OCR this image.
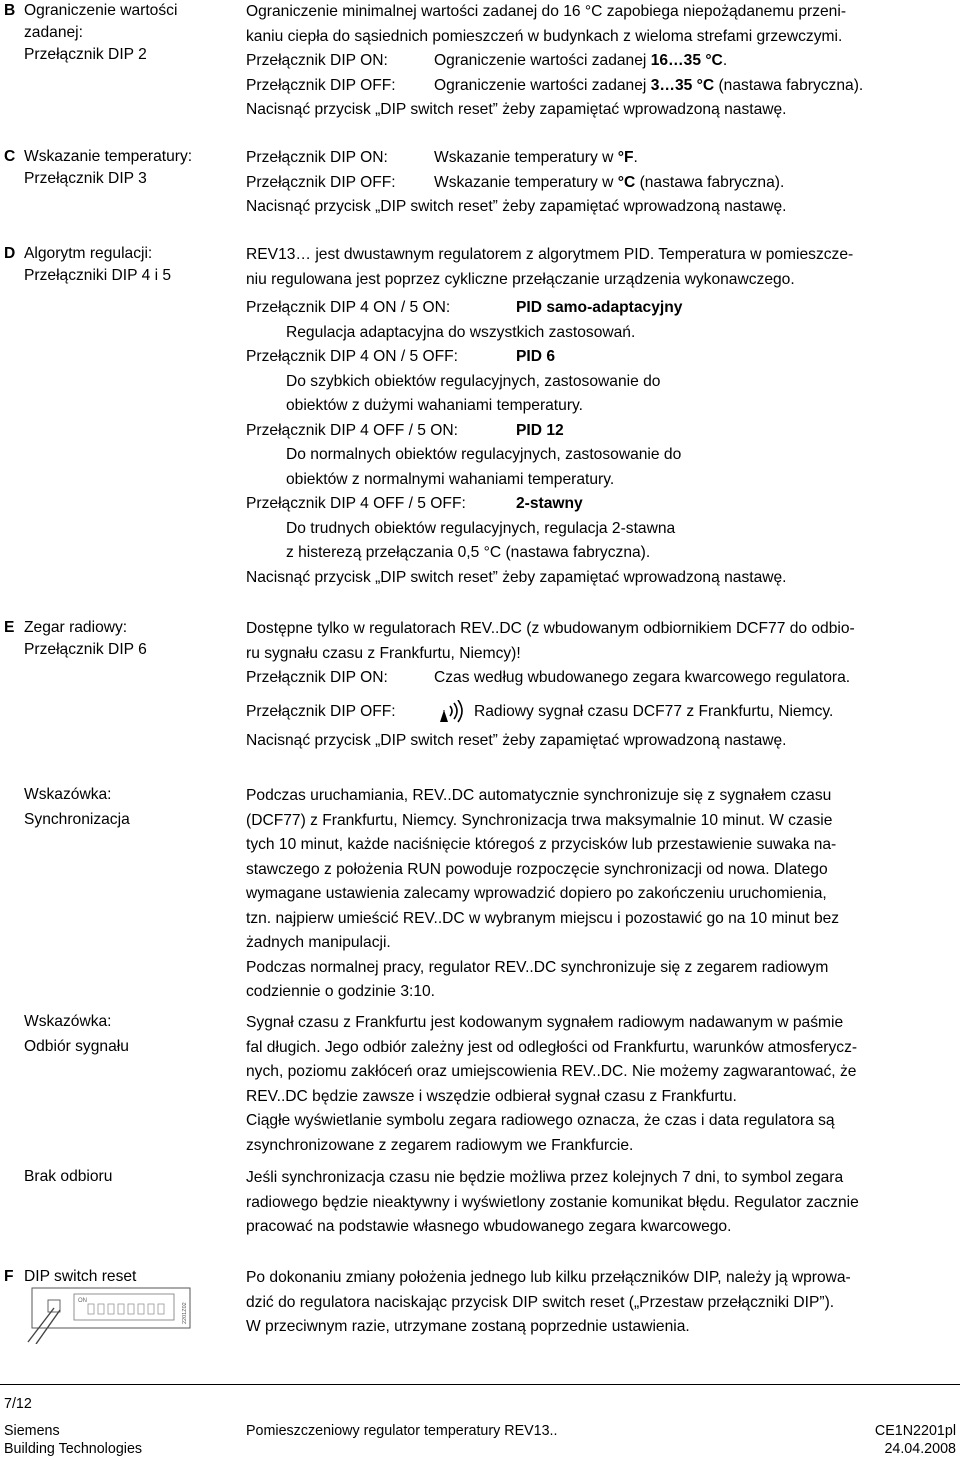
B Ograniczenie wartości
zadanej:
Przełącznik DIP 2
Ograniczenie minimalnej wartości zadanej do 16 °C zapobiega niepożądanemu przeni-
kaniu ciepła do sąsiednich pomieszczeń w budynkach z wieloma strefami grzewczymi.
Przełącznik DIP ON:	Ograniczenie wartości zadanej 16…35 °C.
Przełącznik DIP OFF: Ograniczenie wartości zadanej 3…35 °C (nastawa fabryczna).
Nacisnąć przycisk „DIP switch reset” żeby zapamiętać wprowadzoną nastawę.
C Wskazanie temperatury:
Przełącznik DIP 3
Przełącznik DIP ON:	Wskazanie temperatury w °F.
Przełącznik DIP OFF: Wskazanie temperatury w °C (nastawa fabryczna).
Nacisnąć przycisk „DIP switch reset” żeby zapamiętać wprowadzoną nastawę.
D Algorytm regulacji:
Przełączniki DIP 4 i 5
REV13… jest dwustawnym regulatorem z algorytmem PID. Temperatura w pomieszcze-
niu regulowana jest poprzez cykliczne przełączanie urządzenia wykonawczego.
Przełącznik DIP 4 ON / 5 ON:	PID samo-adaptacyjny
Regulacja adaptacyjna do wszystkich zastosowań.
Przełącznik DIP 4 ON / 5 OFF:	PID 6
Do szybkich obiektów regulacyjnych, zastosowanie do
obiektów z dużymi wahaniami temperatury.
Przełącznik DIP 4 OFF / 5 ON:	PID 12
Do normalnych obiektów regulacyjnych, zastosowanie do
obiektów z normalnymi wahaniami temperatury.
Przełącznik DIP 4 OFF / 5 OFF:	2-stawny
Do trudnych obiektów regulacyjnych, regulacja 2-stawna
z histerezą przełączania 0,5 °C (nastawa fabryczna).
Nacisnąć przycisk „DIP switch reset” żeby zapamiętać wprowadzoną nastawę.
E Zegar radiowy:
Przełącznik DIP 6
Dostępne tylko w regulatorach REV..DC (z wbudowanym odbiornikiem DCF77 do odbio-
ru sygnału czasu z Frankfurtu, Niemcy)!
Przełącznik DIP ON:	Czas według wbudowanego zegara kwarcowego regulatora.
Przełącznik DIP OFF:	Radiowy sygnał czasu DCF77 z Frankfurtu, Niemcy.
Nacisnąć przycisk „DIP switch reset” żeby zapamiętać wprowadzoną nastawę.
Wskazówka:
Synchronizacja
Podczas uruchamiania, REV..DC automatycznie synchronizuje się z sygnałem czasu
(DCF77) z Frankfurtu, Niemcy. Synchronizacja trwa maksymalnie 10 minut. W czasie
tych 10 minut, każde naciśnięcie któregoś z przycisków lub przestawienie suwaka na-
stawczego z położenia RUN powoduje rozpoczęcie synchronizacji od nowa. Dlatego
wymagane ustawienia zalecamy wprowadzić dopiero po zakończeniu uruchomienia,
tzn. najpierw umieścić REV..DC w wybranym miejscu i pozostawić go na 10 minut bez
żadnych manipulacji.
Podczas normalnej pracy, regulator REV..DC synchronizuje się z zegarem radiowym
codziennie o godzinie 3:10.
Wskazówka:
Odbiór sygnału
Sygnał czasu z Frankfurtu jest kodowanym sygnałem radiowym nadawanym w paśmie
fal długich. Jego odbiór zależny jest od odległości od Frankfurtu, warunków atmosferycz-
nych, poziomu zakłóceń oraz umiejscowienia REV..DC. Nie możemy zagwarantować, że
REV..DC będzie zawsze i wszędzie odbierał sygnał czasu z Frankfurtu.
Ciągłe wyświetlanie symbolu zegara radiowego oznacza, że czas i data regulatora są
zsynchronizowane z zegarem radiowym we Frankfurcie.
Brak odbioru	Jeśli synchronizacja czasu nie będzie możliwa przez kolejnych 7 dni, to symbol zegara
radiowego będzie nieaktywny i wyświetlony zostanie komunikat błędu. Regulator zacznie
pracować na podstawie własnego wbudowanego zegara kwarcowego.
F DIP switch reset	Po dokonaniu zmiany położenia jednego lub kilku przełączników DIP, należy ją wprowa-
dzić do regulatora naciskając przycisk DIP switch reset („Przestaw przełączniki DIP”).
W przeciwnym razie, utrzymane zostaną poprzednie ustawienia.
ON
2201Z02
7/12
Siemens
Building Technologies
Pomieszczeniowy regulator temperatury REV13..	CE1N2201pl
24.04.2008
